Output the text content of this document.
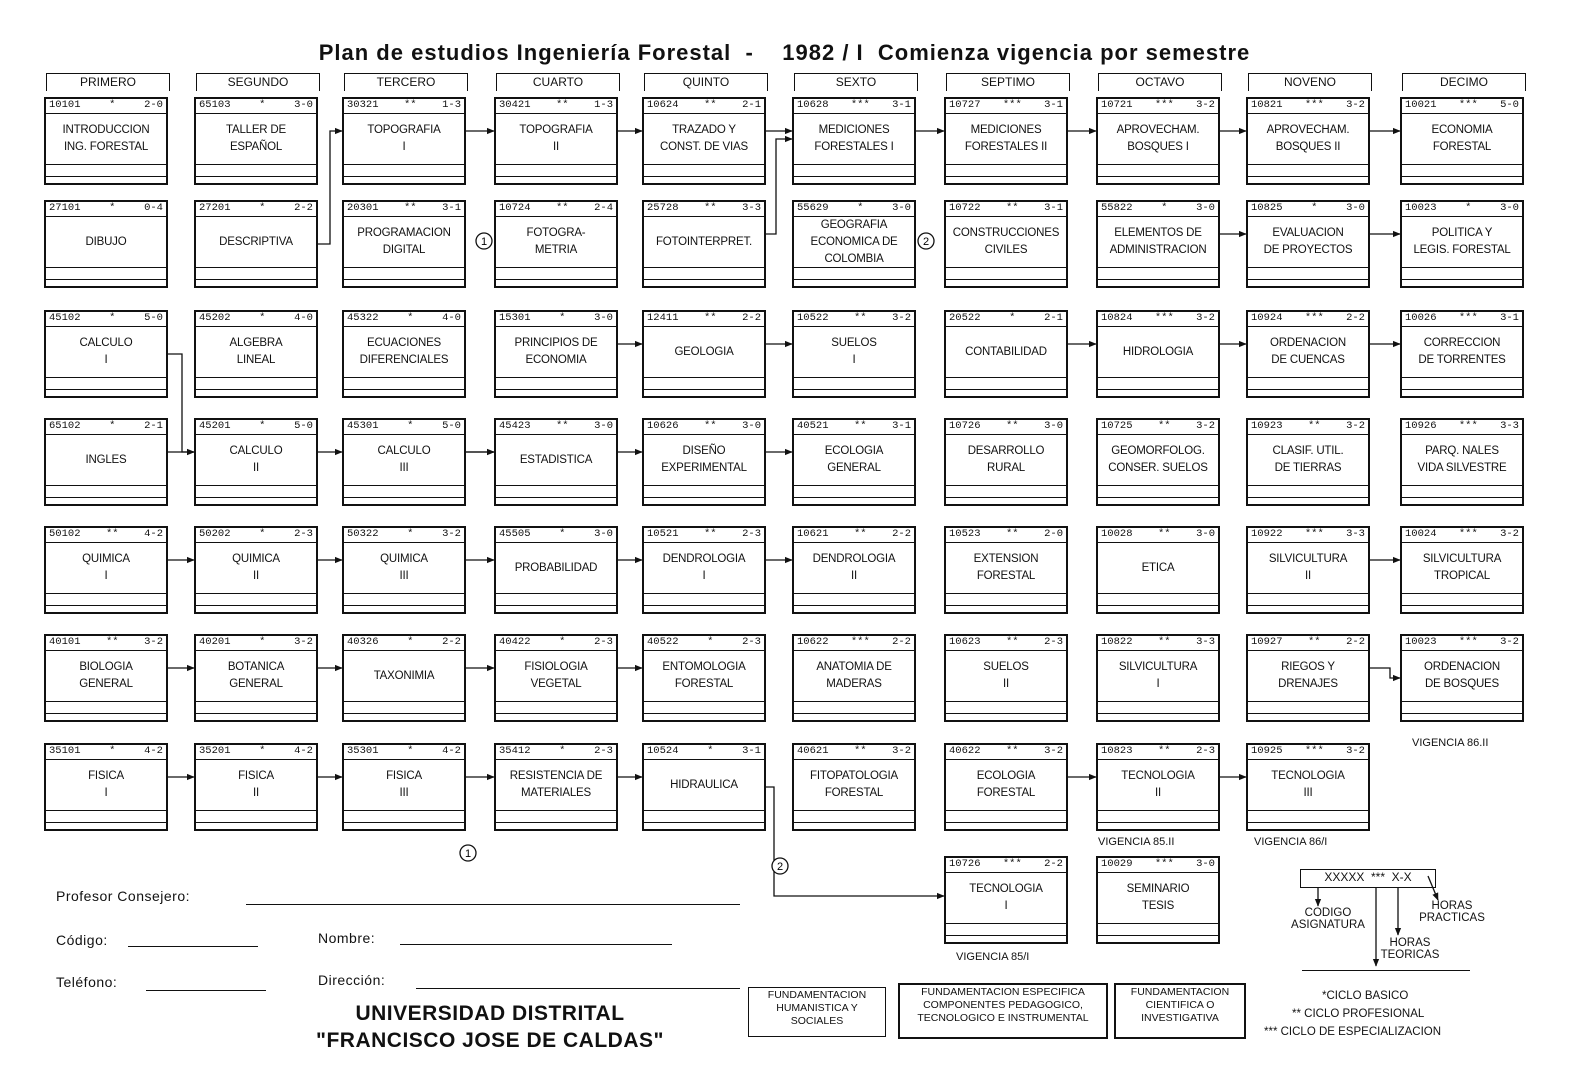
Plan de estudios Ingeniería Forestal  -    1982 / I  Comienza vigencia por semestre
PRIMERO	SEGUNDO	TERCERO	CUARTO	QUINTO	SEXTO	SEPTIMO	OCTAVO	NOVENO	DECIMO
10101	*	2-0
INTRODUCCION
ING. FORESTAL
65103	*	3-0
TALLER DE
ESPAÑOL
30321 ** 1-3
TOPOGRAFIA
I
30421 ** 1-3
TOPOGRAFIA
II
10624 ** 2-1
TRAZADO Y
CONST. DE VIAS
10628 *** 3-1
MEDICIONES
FORESTALES I
10727 *** 3-1
MEDICIONES
FORESTALES II
10721 *** 3-2
APROVECHAM.
BOSQUES I
10821 *** 3-2
APROVECHAM.
BOSQUES II
10021 *** 5-0
ECONOMIA
FORESTAL
27101	*	0-4
DIBUJO
27201	*	2-2
DESCRIPTIVA
20301 ** 3-1
PROGRAMACION
DIGITAL
10724 ** 2-4
FOTOGRA-
METRIA
25728 ** 3-3
FOTOINTERPRET.
55629	*	3-0
GEOGRAFIA
ECONOMICA DE
COLOMBIA
10722 ** 3-1
CONSTRUCCIONES
CIVILES
55822	*	3-0
ELEMENTOS DE
ADMINISTRACION
10825	*	3-0
EVALUACION
DE PROYECTOS
10023	*	3-0
POLITICA Y
LEGIS. FORESTAL
45102	*	5-0
CALCULO
I
45202	*	4-0
ALGEBRA
LINEAL
45322	*	4-0
ECUACIONES
DIFERENCIALES
15301	*	3-0
PRINCIPIOS DE
ECONOMIA
12411 ** 2-2
GEOLOGIA
10522 ** 3-2
SUELOS
I
20522	*	2-1
CONTABILIDAD
10824 *** 3-2
HIDROLOGIA
10924 *** 2-2
ORDENACION
DE CUENCAS
10026 *** 3-1
CORRECCION
DE TORRENTES
65102	*	2-1
INGLES
45201	*	5-0
CALCULO
II
45301	*	5-0
CALCULO
III
45423 ** 3-0
ESTADISTICA
10626 ** 3-0
DISEÑO
EXPERIMENTAL
40521 ** 3-1
ECOLOGIA
GENERAL
10726 ** 3-0
DESARROLLO
RURAL
10725 ** 3-2
GEOMORFOLOG.
CONSER. SUELOS
10923 ** 3-2
CLASIF. UTIL.
DE TIERRAS
10926 *** 3-3
PARQ. NALES
VIDA SILVESTRE
50102 ** 4-2
QUIMICA
I
50202	*	2-3
QUIMICA
II
50322	*	3-2
QUIMICA
III
45505	*	3-0
PROBABILIDAD
10521 ** 2-3
DENDROLOGIA
I
10621 ** 2-2
DENDROLOGIA
II
10523 ** 2-0
EXTENSION
FORESTAL
10028 ** 3-0
ETICA
10922 *** 3-3
SILVICULTURA
II
10024 *** 3-2
SILVICULTURA
TROPICAL
40101 ** 3-2
BIOLOGIA
GENERAL
40201	*	3-2
BOTANICA
GENERAL
40326	*	2-2
TAXONIMIA
40422	*	2-3
FISIOLOGIA
VEGETAL
40522	*	2-3
ENTOMOLOGIA
FORESTAL
10622 *** 2-2
ANATOMIA DE
MADERAS
10623 ** 2-3
SUELOS
II
10822 ** 3-3
SILVICULTURA
I
10927 ** 2-2
RIEGOS Y
DRENAJES
10023 *** 3-2
ORDENACION
DE BOSQUES
35101	*	4-2
FISICA
I
35201	*	4-2
FISICA
II
35301	*	4-2
FISICA
III
35412	*	2-3
RESISTENCIA DE
MATERIALES
10524	*	3-1
HIDRAULICA
40621 ** 3-2
FITOPATOLOGIA
FORESTAL
40622 ** 3-2
ECOLOGIA
FORESTAL
10823 ** 2-3
TECNOLOGIA
II
10925 *** 3-2
TECNOLOGIA
III
10726 *** 2-2
TECNOLOGIA
I
10029 *** 3-0
SEMINARIO
TESIS
1	2
1
2
VIGENCIA 86.II
VIGENCIA 85.II	VIGENCIA 86/I
VIGENCIA 85/I
Profesor Consejero:
Código:	Nombre:
Teléfono:	Dirección:
UNIVERSIDAD DISTRITAL
"FRANCISCO JOSE DE CALDAS"
FUNDAMENTACION
HUMANISTICA Y
SOCIALES
FUNDAMENTACION ESPECIFICA
COMPONENTES PEDAGOGICO,
TECNOLOGICO E INSTRUMENTAL
FUNDAMENTACION
CIENTIFICA O
INVESTIGATIVA
XXXXX  ***  X-X
CODIGO
ASIGNATURA
HORAS
TEORICAS
HORAS
PRACTICAS
*CICLO BASICO
** CICLO PROFESIONAL
*** CICLO DE ESPECIALIZACION
